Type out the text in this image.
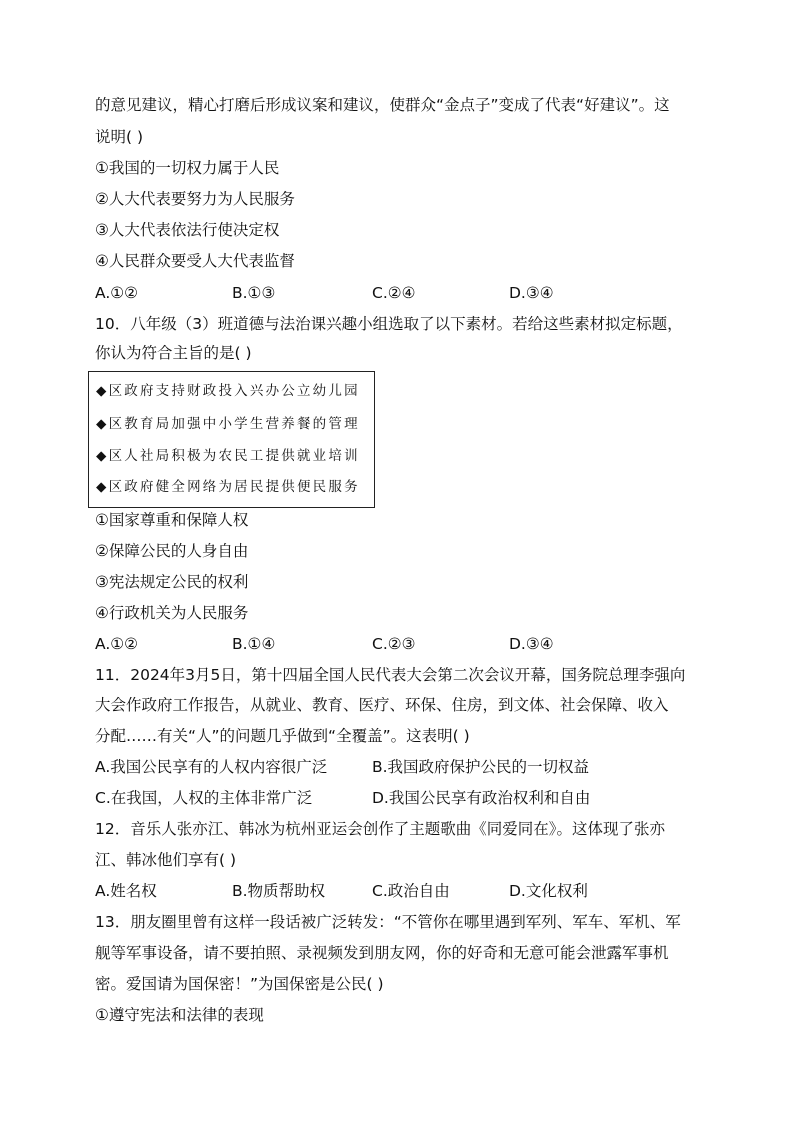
的意见建议，精心打磨后形成议案和建议，使群众“金点子”变成了代表“好建议”。这
说明( )
①我国的一切权力属于人民
②人大代表要努力为人民服务
③人大代表依法行使决定权
④人民群众要受人大代表监督
A.①②	B.①③	C.②④	D.③④
10．八年级（3）班道德与法治课兴趣小组选取了以下素材。若给这些素材拟定标题，
你认为符合主旨的是( )
◆区政府支持财政投入兴办公立幼儿园
◆区教育局加强中小学生营养餐的管理
◆区人社局积极为农民工提供就业培训
◆区政府健全网络为居民提供便民服务
①国家尊重和保障人权
②保障公民的人身自由
③宪法规定公民的权利
④行政机关为人民服务
A.①②	B.①④	C.②③	D.③④
11．2024年3月5日，第十四届全国人民代表大会第二次会议开幕，国务院总理李强向
大会作政府工作报告，从就业、教育、医疗、环保、住房，到文体、社会保障、收入
分配……有关“人”的问题几乎做到“全覆盖”。这表明( )
A.我国公民享有的人权内容很广泛	B.我国政府保护公民的一切权益
C.在我国，人权的主体非常广泛	D.我国公民享有政治权利和自由
12．音乐人张亦江、韩冰为杭州亚运会创作了主题歌曲《同爱同在》。这体现了张亦
江、韩冰他们享有( )
A.姓名权	B.物质帮助权	C.政治自由	D.文化权利
13．朋友圈里曾有这样一段话被广泛转发：“不管你在哪里遇到军列、军车、军机、军
舰等军事设备，请不要拍照、录视频发到朋友网，你的好奇和无意可能会泄露军事机
密。爱国请为国保密！”为国保密是公民( )
①遵守宪法和法律的表现
